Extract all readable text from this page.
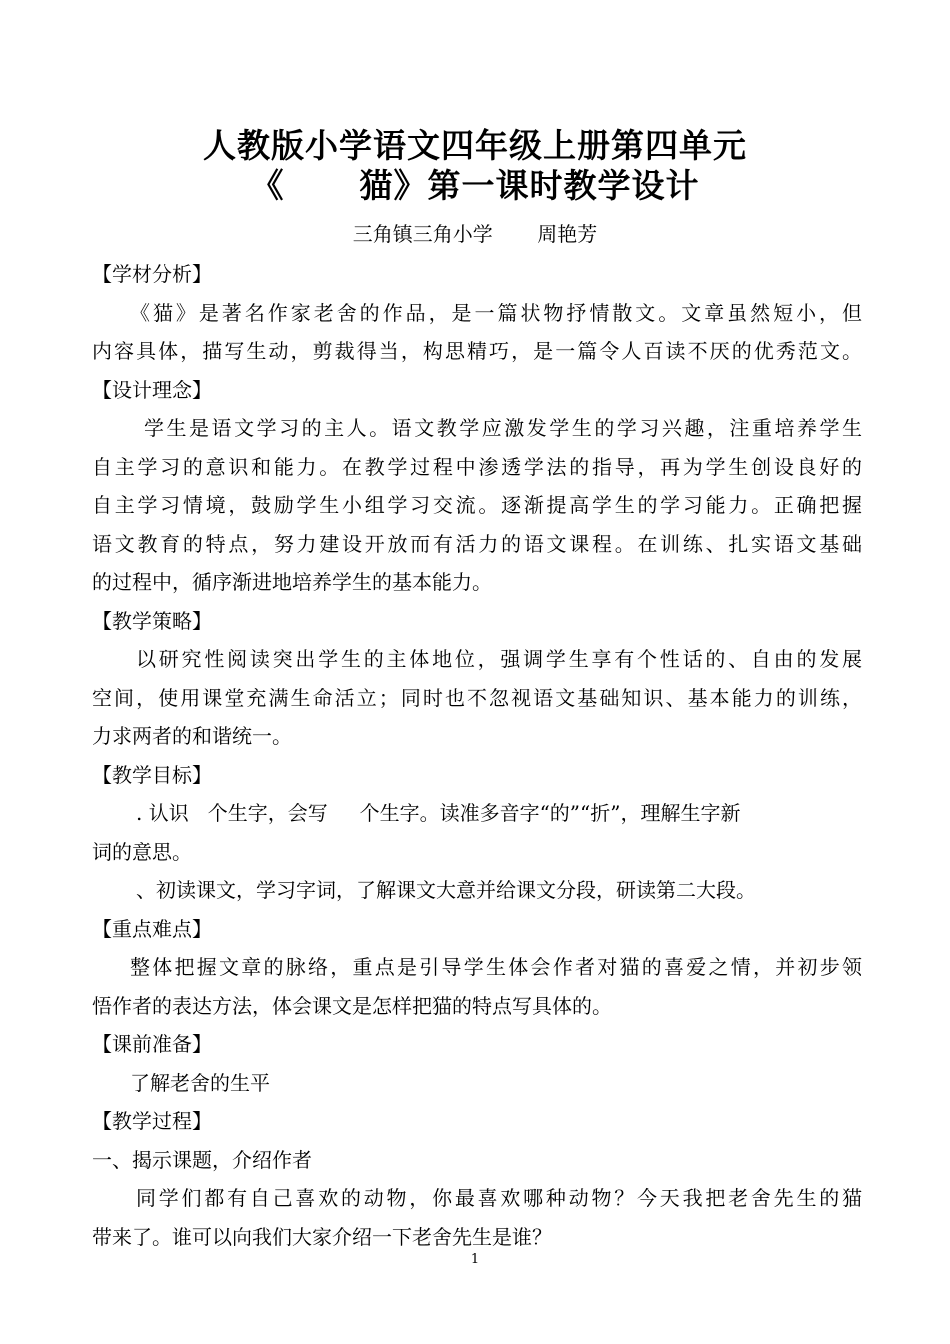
人教版小学语文四年级上册第四单元
《      猫》第一课时教学设计
三角镇三角小学       周艳芳
【学材分析】
《猫》是著名作家老舍的作品，是一篇状物抒情散文。文章虽然短小，但
内容具体，描写生动，剪裁得当，构思精巧，是一篇令人百读不厌的优秀范文。
【设计理念】
学生是语文学习的主人。语文教学应激发学生的学习兴趣，注重培养学生
自主学习的意识和能力。在教学过程中渗透学法的指导，再为学生创设良好的
自主学习情境，鼓励学生小组学习交流。逐渐提高学生的学习能力。正确把握
语文教育的特点，努力建设开放而有活力的语文课程。在训练、扎实语文基础
的过程中，循序渐进地培养学生的基本能力。
【教学策略】
以研究性阅读突出学生的主体地位，强调学生享有个性话的、自由的发展
空间，使用课堂充满生命活立；同时也不忽视语文基础知识、基本能力的训练，
力求两者的和谐统一。
【教学目标】
. 认识   个生字，会写     个生字。读准多音字“的”“折”，理解生字新
词的意思。
、初读课文，学习字词，了解课文大意并给课文分段，研读第二大段。
【重点难点】
整体把握文章的脉络，重点是引导学生体会作者对猫的喜爱之情，并初步领
悟作者的表达方法，体会课文是怎样把猫的特点写具体的。
【课前准备】
了解老舍的生平
【教学过程】
一、揭示课题，介绍作者
同学们都有自己喜欢的动物，你最喜欢哪种动物？今天我把老舍先生的猫
带来了。谁可以向我们大家介绍一下老舍先生是谁？
1
